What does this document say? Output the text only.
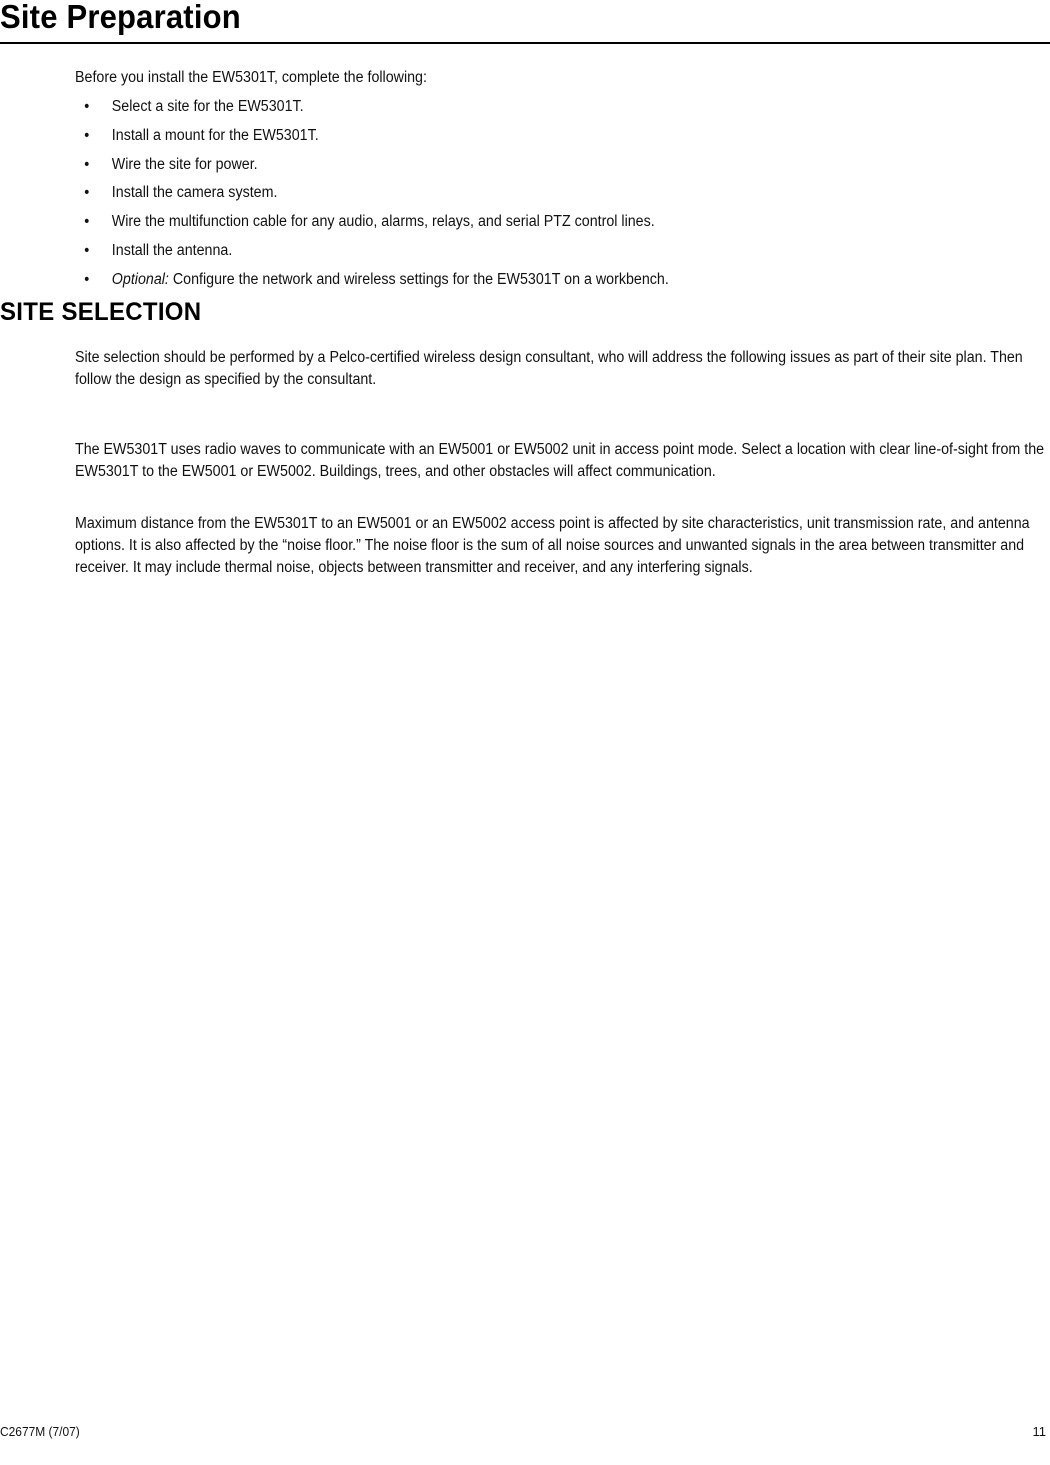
Site Preparation

Before you install the EW5301T, complete the following:

• Select a site for the EW5301T.
• Install a mount for the EW5301T.
• Wire the site for power.
• Install the camera system.
• Wire the multifunction cable for any audio, alarms, relays, and serial PTZ control lines.
• Install the antenna.
• Optional: Configure the network and wireless settings for the EW5301T on a workbench.
SITE SELECTION

Site selection should be performed by a Pelco-certified wireless design consultant, who will address the following issues as part of their site plan. Then follow the design as specified by the consultant.

The EW5301T uses radio waves to communicate with an EW5001 or EW5002 unit in access point mode. Select a location with clear line-of-sight from the EW5301T to the EW5001 or EW5002. Buildings, trees, and other obstacles will affect communication.

Maximum distance from the EW5301T to an EW5001 or an EW5002 access point is affected by site characteristics, unit transmission rate, and antenna options. It is also affected by the “noise floor.” The noise floor is the sum of all noise sources and unwanted signals in the area between transmitter and receiver. It may include thermal noise, objects between transmitter and receiver, and any interfering signals.

C2677M (7/07)	11
